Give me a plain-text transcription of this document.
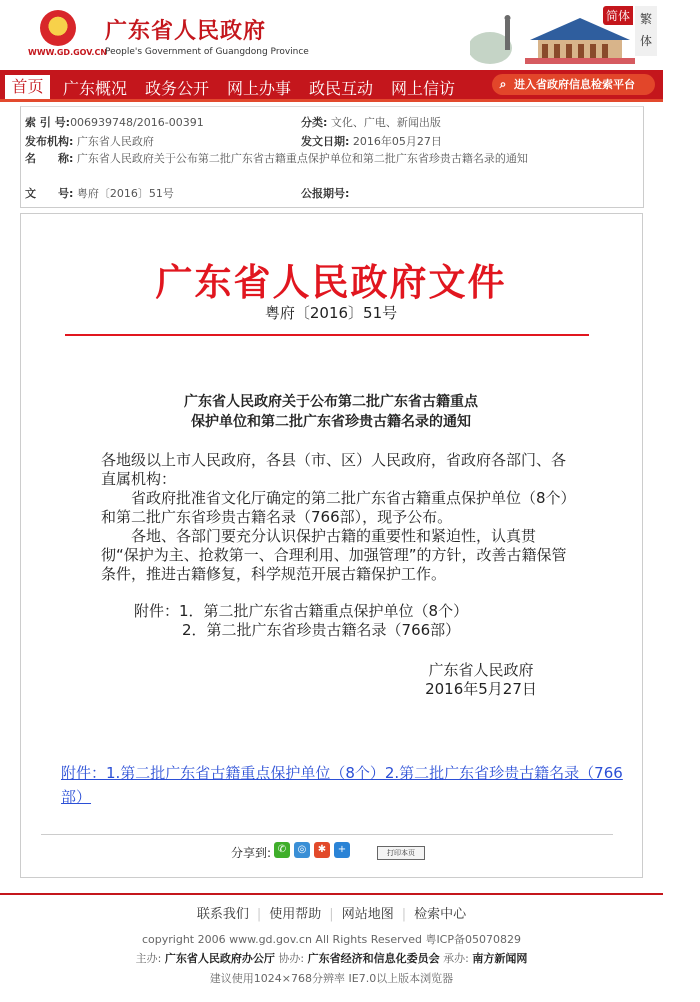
★
WWW.GD.GOV.CN
广东省人民政府
People's Government of Guangdong Province
简体 繁体
首页	广东概况 政务公开 网上办事 政民互动 网上信访	⌕ 进入省政府信息检索平台
索 引 号:006939748/2016-00391	分类: 文化、广电、新闻出版
发布机构: 广东省人民政府	发文日期: 2016年05月27日
名　　称: 广东省人民政府关于公布第二批广东省古籍重点保护单位和第二批广东省珍贵古籍名录的通知
文　　号: 粤府〔2016〕51号	公报期号:
广东省人民政府文件
粤府〔2016〕51号
广东省人民政府关于公布第二批广东省古籍重点
保护单位和第二批广东省珍贵古籍名录的通知
各地级以上市人民政府，各县（市、区）人民政府，省政府各部门、各直属机构：
省政府批准省文化厅确定的第二批广东省古籍重点保护单位（8个）和第二批广东省珍贵古籍名录（766部），现予公布。
各地、各部门要充分认识保护古籍的重要性和紧迫性，认真贯彻“保护为主、抢救第一、合理利用、加强管理”的方针，改善古籍保管条件，推进古籍修复，科学规范开展古籍保护工作。
附件：1．第二批广东省古籍重点保护单位（8个）
2．第二批广东省珍贵古籍名录（766部）
广东省人民政府
2016年5月27日
附件：1.第二批广东省古籍重点保护单位（8个）2.第二批广东省珍贵古籍名录（766部）
分享到: ✆	◎	✱	+	打印本页
联系我们 | 使用帮助 | 网站地图 | 检索中心
copyright 2006 www.gd.gov.cn All Rights Reserved 粤ICP备05070829
主办: 广东省人民政府办公厅 协办: 广东省经济和信息化委员会 承办: 南方新闻网
建议使用1024×768分辨率 IE7.0以上版本浏览器
